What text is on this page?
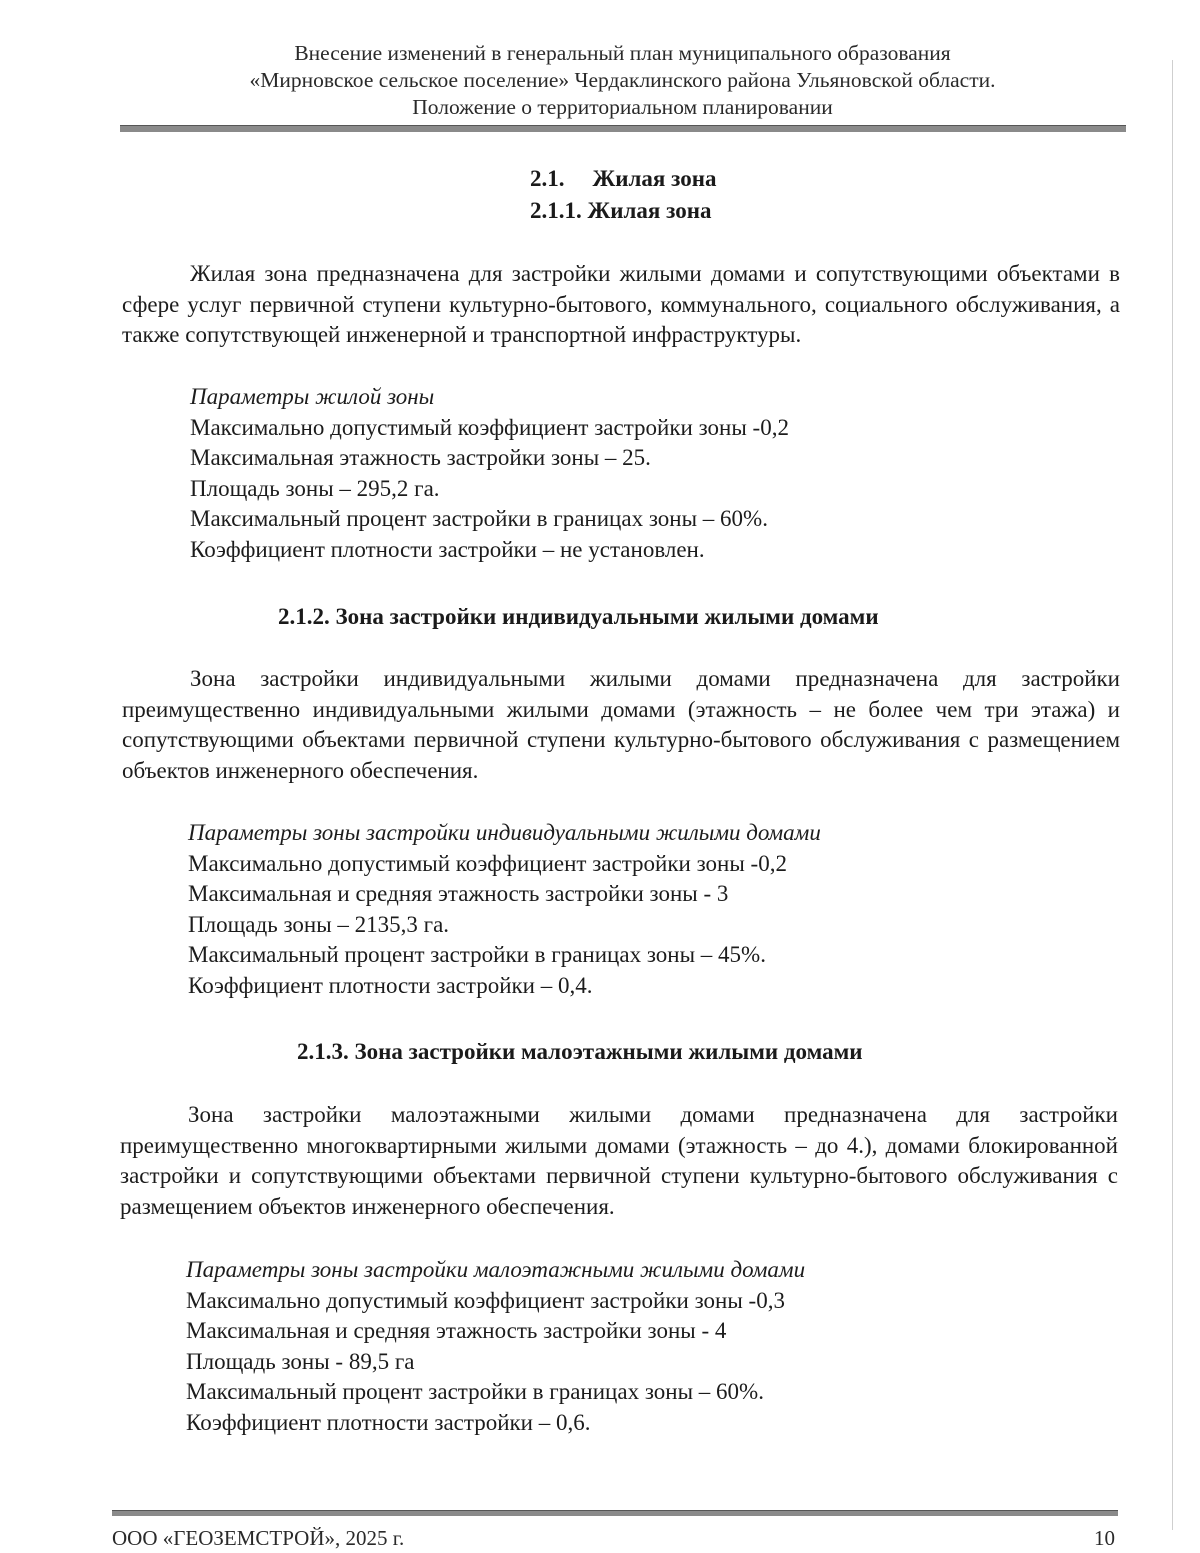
Внесение изменений в генеральный план муниципального образования
«Мирновское сельское поселение» Чердаклинского района Ульяновской области.
Положение о территориальном планировании
2.1. Жилая зона
2.1.1. Жилая зона

Жилая зона предназначена для застройки жилыми домами и сопутствующими объектами в сфере услуг первичной ступени культурно-бытового, коммунального, социального обслуживания, а также сопутствующей инженерной и транспортной инфраструктуры.

Параметры жилой зоны
Максимально допустимый коэффициент застройки зоны -0,2
Максимальная этажность застройки зоны – 25.
Площадь зоны – 295,2 га.
Максимальный процент застройки в границах зоны – 60%.
Коэффициент плотности застройки – не установлен.
2.1.2. Зона застройки индивидуальными жилыми домами

Зона застройки индивидуальными жилыми домами предназначена для застройки преимущественно индивидуальными жилыми домами (этажность – не более чем три этажа) и сопутствующими объектами первичной ступени культурно-бытового обслуживания с размещением объектов инженерного обеспечения.

Параметры зоны застройки индивидуальными жилыми домами
Максимально допустимый коэффициент застройки зоны -0,2
Максимальная и средняя этажность застройки зоны - 3
Площадь зоны – 2135,3 га.
Максимальный процент застройки в границах зоны – 45%.
Коэффициент плотности застройки – 0,4.
2.1.3. Зона застройки малоэтажными жилыми домами

Зона застройки малоэтажными жилыми домами предназначена для застройки преимущественно многоквартирными жилыми домами (этажность – до 4.), домами блокированной застройки и сопутствующими объектами первичной ступени культурно-бытового обслуживания с размещением объектов инженерного обеспечения.

Параметры зоны застройки малоэтажными жилыми домами
Максимально допустимый коэффициент застройки зоны -0,3
Максимальная и средняя этажность застройки зоны - 4
Площадь зоны - 89,5 га
Максимальный процент застройки в границах зоны – 60%.
Коэффициент плотности застройки – 0,6.
ООО «ГЕОЗЕМСТРОЙ», 2025 г.	10
